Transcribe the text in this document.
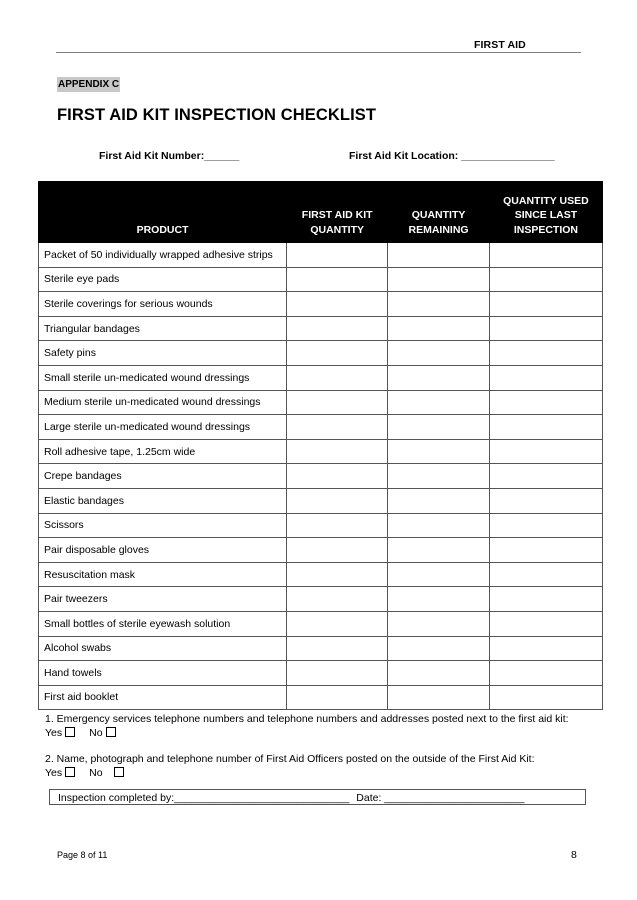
FIRST AID
APPENDIX C
FIRST AID KIT INSPECTION CHECKLIST
First Aid Kit Number:______	First Aid Kit Location: ________________
PRODUCT	FIRST AID KIT QUANTITY	QUANTITY REMAINING	QUANTITY USED SINCE LAST INSPECTION
Packet of 50 individually wrapped adhesive strips			
Sterile eye pads			
Sterile coverings for serious wounds			
Triangular bandages			
Safety pins			
Small sterile un-medicated wound dressings			
Medium sterile un-medicated wound dressings			
Large sterile un-medicated wound dressings			
Roll adhesive tape, 1.25cm wide			
Crepe bandages			
Elastic bandages			
Scissors			
Pair disposable gloves			
Resuscitation mask			
Pair tweezers			
Small bottles of sterile eyewash solution			
Alcohol swabs			
Hand towels			
First aid booklet			
1. Emergency services telephone numbers and telephone numbers and addresses posted next to the first aid kit:
Yes	No
2. Name, photograph and telephone number of First Aid Officers posted on the outside of the First Aid Kit:
Yes	No
Inspection completed by:______________________________ Date: ________________________
Page 8 of 11	8
